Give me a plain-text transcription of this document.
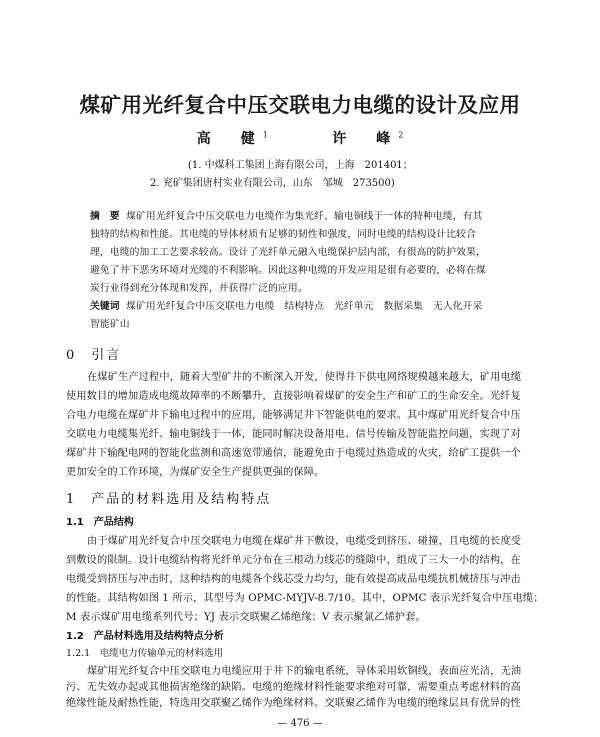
煤矿用光纤复合中压交联电力电缆的设计及应用
高　健$^1$	许　峰$^2$
(1. 中煤科工集团上海有限公司，上海　201401；
2. 兖矿集团唐村实业有限公司，山东　邹城　273500)
摘　要 煤矿用光纤复合中压交联电力电缆作为集光纤、输电铜线于一体的特种电缆，有其
独特的结构和性能。其电缆的导体材质有足够的韧性和强度，同时电缆的结构设计比较合
理，电缆的加工工艺要求较高。设计了光纤单元融入电缆保护层内部，有很高的防护效果，
避免了井下恶劣环境对光缆的不利影响。因此这种电缆的开发应用是很有必要的，必将在煤
炭行业得到充分体现和发挥，并获得广泛的应用。
关键词 煤矿用光纤复合中压交联电力电缆　结构特点　光纤单元　数据采集　无人化开采
智能矿山
0　引言
在煤矿生产过程中，随着大型矿井的不断深入开发，使得井下供电网络规模越来越大，矿用电缆
使用数目的增加造成电缆故障率的不断攀升，直接影响着煤矿的安全生产和矿工的生命安全。光纤复
合电力电缆在煤矿井下输电过程中的应用，能够满足井下智能供电的要求。其中煤矿用光纤复合中压
交联电力电缆集光纤、输电铜线于一体，能同时解决设备用电、信号传输及智能监控问题，实现了对
煤矿井下输配电网的智能化监测和高速宽带通信，能避免由于电缆过热造成的火灾，给矿工提供一个
更加安全的工作环境，为煤矿安全生产提供更强的保障。
1　产品的材料选用及结构特点
1.1　产品结构
由于煤矿用光纤复合中压交联电力电缆在煤矿井下敷设，电缆受到挤压、碰撞，且电缆的长度受
到敷设的限制。设计电缆结构将光纤单元分布在三根动力线芯的缝隙中，组成了三大一小的结构，在
电缆受到挤压与冲击时，这种结构的电缆各个线芯受力均匀，能有效提高成品电缆抗机械挤压与冲击
的性能。其结构如图 1 所示，其型号为 OPMC-MYJV-8.7/10。其中，OPMC 表示光纤复合中压电缆；
M 表示煤矿用电缆系列代号；YJ 表示交联聚乙烯绝缘；V 表示聚氯乙烯护套。
1.2　产品材料选用及结构特点分析
1.2.1　电缆电力传输单元的材料选用
煤矿用光纤复合中压交联电力电缆应用于井下的输电系统，导体采用软铜线，表面应光洁，无油
污、无失效办起或其他损害绝缘的缺陷。电缆的绝缘材料性能要求绝对可靠，需要重点考虑材料的高
绝缘性能及耐热性能，特选用交联聚乙烯作为绝缘材料。交联聚乙烯作为电缆的绝缘层具有优异的性
— 476 —
